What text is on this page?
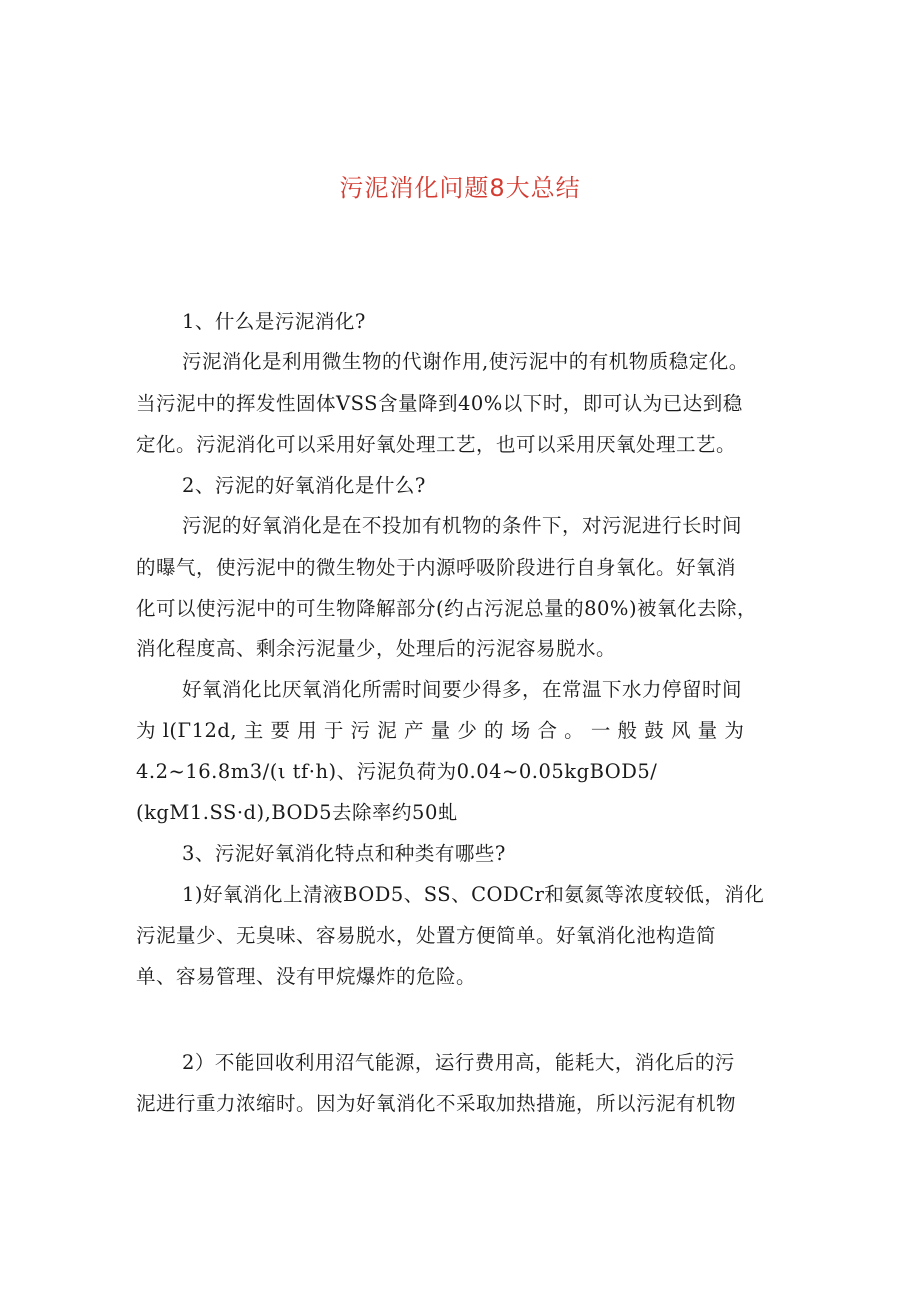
污泥消化问题8大总结
1、什么是污泥消化?
污泥消化是利用微生物的代谢作用,使污泥中的有机物质稳定化。
当污泥中的挥发性固体VSS含量降到40%以下时，即可认为已达到稳
定化。污泥消化可以采用好氧处理工艺，也可以采用厌氧处理工艺。
2、污泥的好氧消化是什么?
污泥的好氧消化是在不投加有机物的条件下，对污泥进行长时间
的曝气，使污泥中的微生物处于内源呼吸阶段进行自身氧化。好氧消
化可以使污泥中的可生物降解部分(约占污泥总量的80%)被氧化去除，
消化程度高、剩余污泥量少，处理后的污泥容易脱水。
好氧消化比厌氧消化所需时间要少得多，在常温下水力停留时间
为 l(Γ12d, 主 要 用 于 污 泥 产 量 少 的 场 合 。 一 般 鼓 风 量 为
4.2~16.8m3/(ι tf·h)、污泥负荷为0.04~0.05kgBOD5/
(kgM1.SS·d),BOD5去除率约50虬
3、污泥好氧消化特点和种类有哪些?
1)好氧消化上清液BOD5、SS、CODCr和氨氮等浓度较低，消化
污泥量少、无臭味、容易脱水，处置方便简单。好氧消化池构造简
单、容易管理、没有甲烷爆炸的危险。
2）不能回收利用沼气能源，运行费用高，能耗大，消化后的污
泥进行重力浓缩时。因为好氧消化不采取加热措施，所以污泥有机物
